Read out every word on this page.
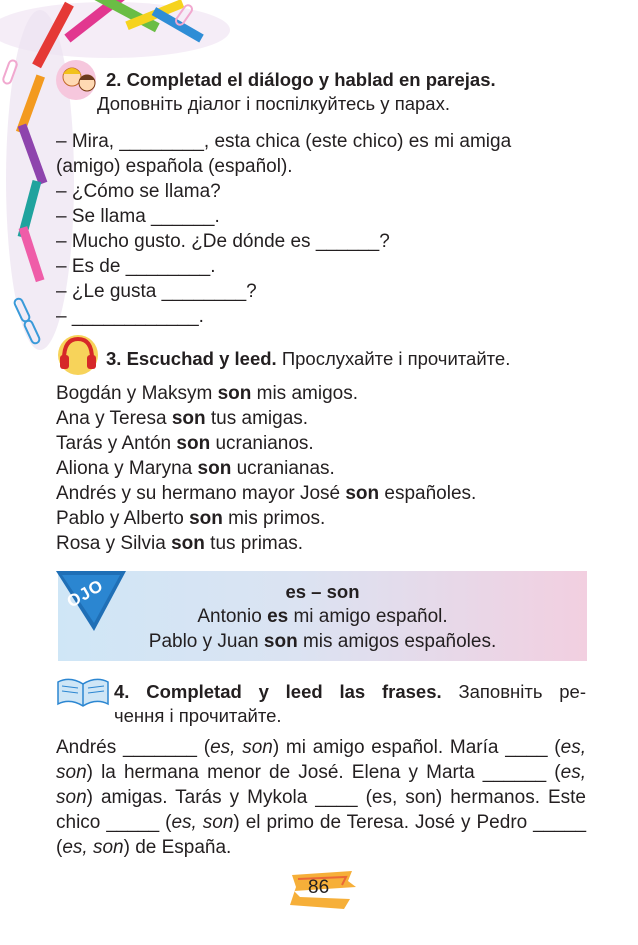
2. Completad el diálogo y hablad en parejas.
Доповніть діалог і поспілкуйтесь у парах.
– Mira, ________, esta chica (este chico) es mi amiga
(amigo) española (español).
– ¿Cómo se llama?
– Se llama ______.
– Mucho gusto. ¿De dónde es ______?
– Es de ________.
– ¿Le gusta ________?
– ____________.
3. Escuchad y leed. Прослухайте і прочитайте.
Bogdán y Maksym son mis amigos.
Ana y Teresa son tus amigas.
Tarás y Antón son ucranianos.
Aliona y Maryna son ucranianas.
Andrés y su hermano mayor José son españoles.
Pablo y Alberto son mis primos.
Rosa y Silvia son tus primas.
OJO	es – son
Antonio es mi amigo español.
Pablo y Juan son mis amigos españoles.
4. Completad y leed las frases. Заповніть ре-
чення і прочитайте.
Andrés _______ (es, son) mi amigo español. María ____ (es, son) la hermana menor de José. Elena y Marta ______ (es, son) amigas. Tarás y Mykola ____ (es, son) hermanos. Este chico _____ (es, son) el primo de Teresa. José y Pedro _____ (es, son) de España.
86
